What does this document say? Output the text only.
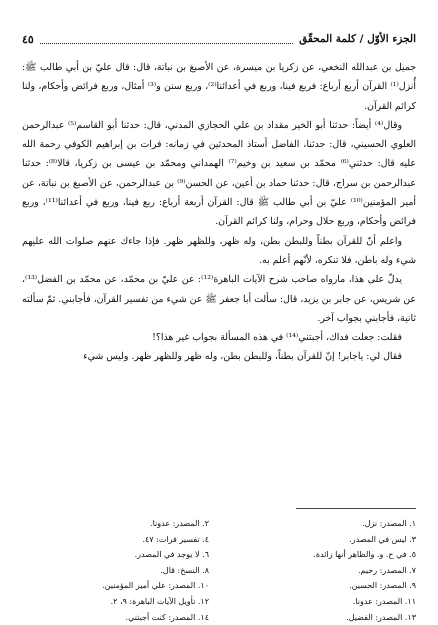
الجزء الأوّل / كلمة المحقّق
٤٥

جميل بن عبدالله النخعي، عن زكريا بن ميسرة، عن الأصبغ بن نباتة، قال: قال عليّ بن أبي طالب ﷺ: أُنزل⁽¹⁾ القرآن أربع أرباع: فربع فينا، وربع في أعدائنا⁽²⁾، وربع سنن و⁽³⁾ أمثال، وربع فرائض وأحكام، ولنا كرائم القرآن.

وقال⁽⁴⁾ أيضاً: حدثنا أبو الخير مقداد بن علي الحجازي المدني، قال: حدثنا أبو القاسم⁽⁵⁾ عبدالرحمن العلوي الحسيني، قال: حدثنا، الفاضل أستاذ المحدثين في زمانه: فرات بن إبراهيم الكوفي رحمة الله عليه قال: حدثني⁽⁶⁾ محمّد بن سعيد بن وخيم⁽⁷⁾ الهمداني ومحمّد بن عيسى بن زكريا، قالا⁽⁸⁾: حدثنا عبدالرحمن بن سراج، قال: حدثنا حماد بن أعين، عن الحسن⁽⁹⁾ بن عبدالرحمن، عن الأصبغ بن نباتة، عن أمير المؤمنين⁽¹⁰⁾ عليّ بن أبي طالب ﷺ قال: القرآن أربعة أرباع: ربع فينا، وربع في أعدائنا⁽¹¹⁾، وربع فرائض وأحكام، وربع حلال وحرام، ولنا كرائم القرآن.

واعلم أنّ للقرآن بطناً وللبطن بطن، وله ظهر، وللظهر ظهر. فإذا جاءك عنهم صلوات الله عليهم شيء وله باطن، فلا تنكره، لأنّهم أعلم به.

يدلّ على هذا، مارواه صاحب شرح الآيات الباهرة⁽¹²⁾: عن عليّ بن محمّد، عن محمّد بن الفضل⁽¹³⁾، عن شريس، عن جابر بن يزيد، قال: سألت أبا جعفر ﷺ عن شيء من تفسير القرآن، فأجابني. ثمّ سألته ثانية، فأجابني بجواب آخر.

فقلت: جعلت فداك، أجبتني⁽¹⁴⁾ في هذه المسألة بجواب غير هذا؟!

فقال لي: ياجابر! إنّ للقرآن بطناً، وللبطن بطن، وله ظهر وللظهر ظهر. وليس شيء

١. المصدر: نزل.
٢. المصدر: عدونا.
٣. ليس في المصدر.
٤. تفسير فرات: ٤٧.
٥. في ح. و. والظاهر أنها زائدة.
٦. لا يوجد في المصدر.
٧. المصدر: رحيم.
٨. النسخ: قال.
٩. المصدر: الحسين.
١٠. المصدر: علي أمير المؤمنين.
١١. المصدر: عدونا.
١٢. تأويل الآيات الباهرة: ٩، ٢.
١٣. المصدر: الفضيل.
١٤. المصدر: كنت أجبتني.
